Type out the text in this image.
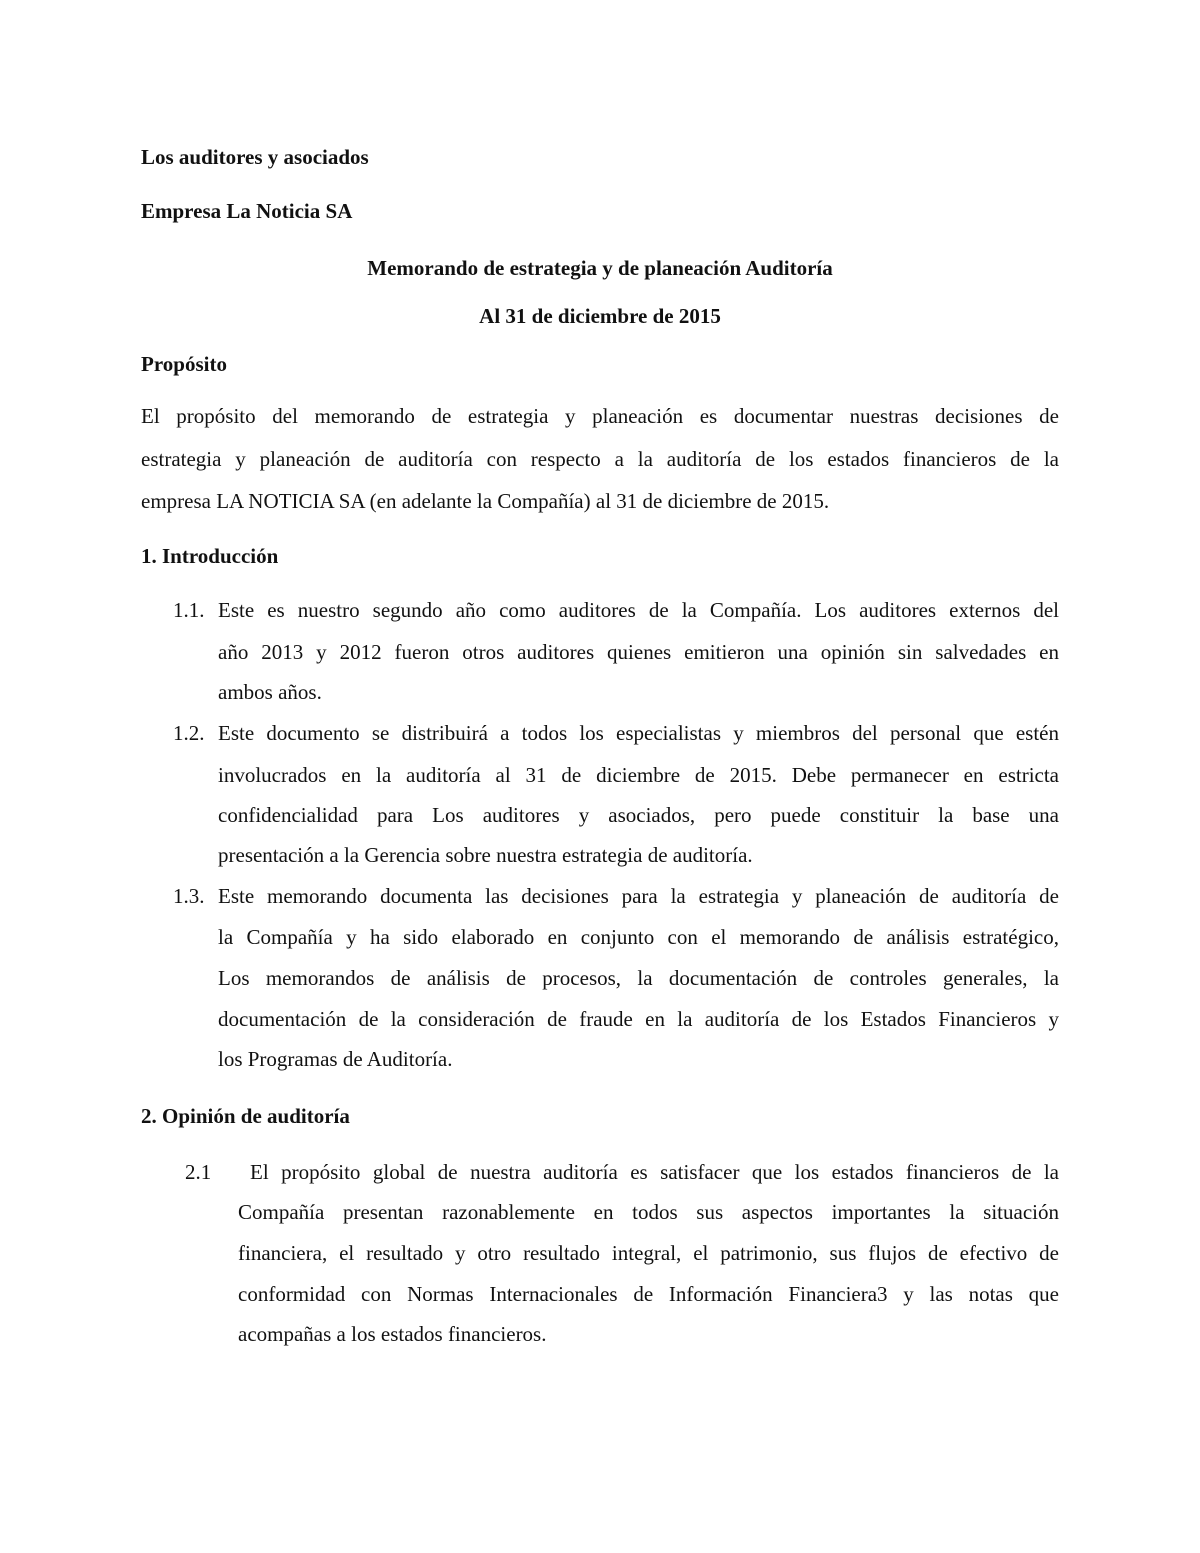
Los auditores y asociados
Empresa La Noticia SA
Memorando de estrategia y de planeación Auditoría
Al 31 de diciembre de 2015
Propósito
El propósito del memorando de estrategia y planeación es documentar nuestras decisiones de
estrategia y planeación de auditoría con respecto a la auditoría de los estados financieros de la
empresa LA NOTICIA SA (en adelante la Compañía) al 31 de diciembre de 2015.
1. Introducción
1.1. Este es nuestro segundo año como auditores de la Compañía. Los auditores externos del
año 2013 y 2012 fueron otros auditores quienes emitieron una opinión sin salvedades en
ambos años.
1.2. Este documento se distribuirá a todos los especialistas y miembros del personal que estén
involucrados en la auditoría al 31 de diciembre de 2015. Debe permanecer en estricta
confidencialidad para Los auditores y asociados, pero puede constituir la base una
presentación a la Gerencia sobre nuestra estrategia de auditoría.
1.3. Este memorando documenta las decisiones para la estrategia y planeación de auditoría de
la Compañía y ha sido elaborado en conjunto con el memorando de análisis estratégico,
Los memorandos de análisis de procesos, la documentación de controles generales, la
documentación de la consideración de fraude en la auditoría de los Estados Financieros y
los Programas de Auditoría.
2. Opinión de auditoría
2.1 El propósito global de nuestra auditoría es satisfacer que los estados financieros de la
Compañía presentan razonablemente en todos sus aspectos importantes la situación
financiera, el resultado y otro resultado integral, el patrimonio, sus flujos de efectivo de
conformidad con Normas Internacionales de Información Financiera3 y las notas que
acompañas a los estados financieros.
